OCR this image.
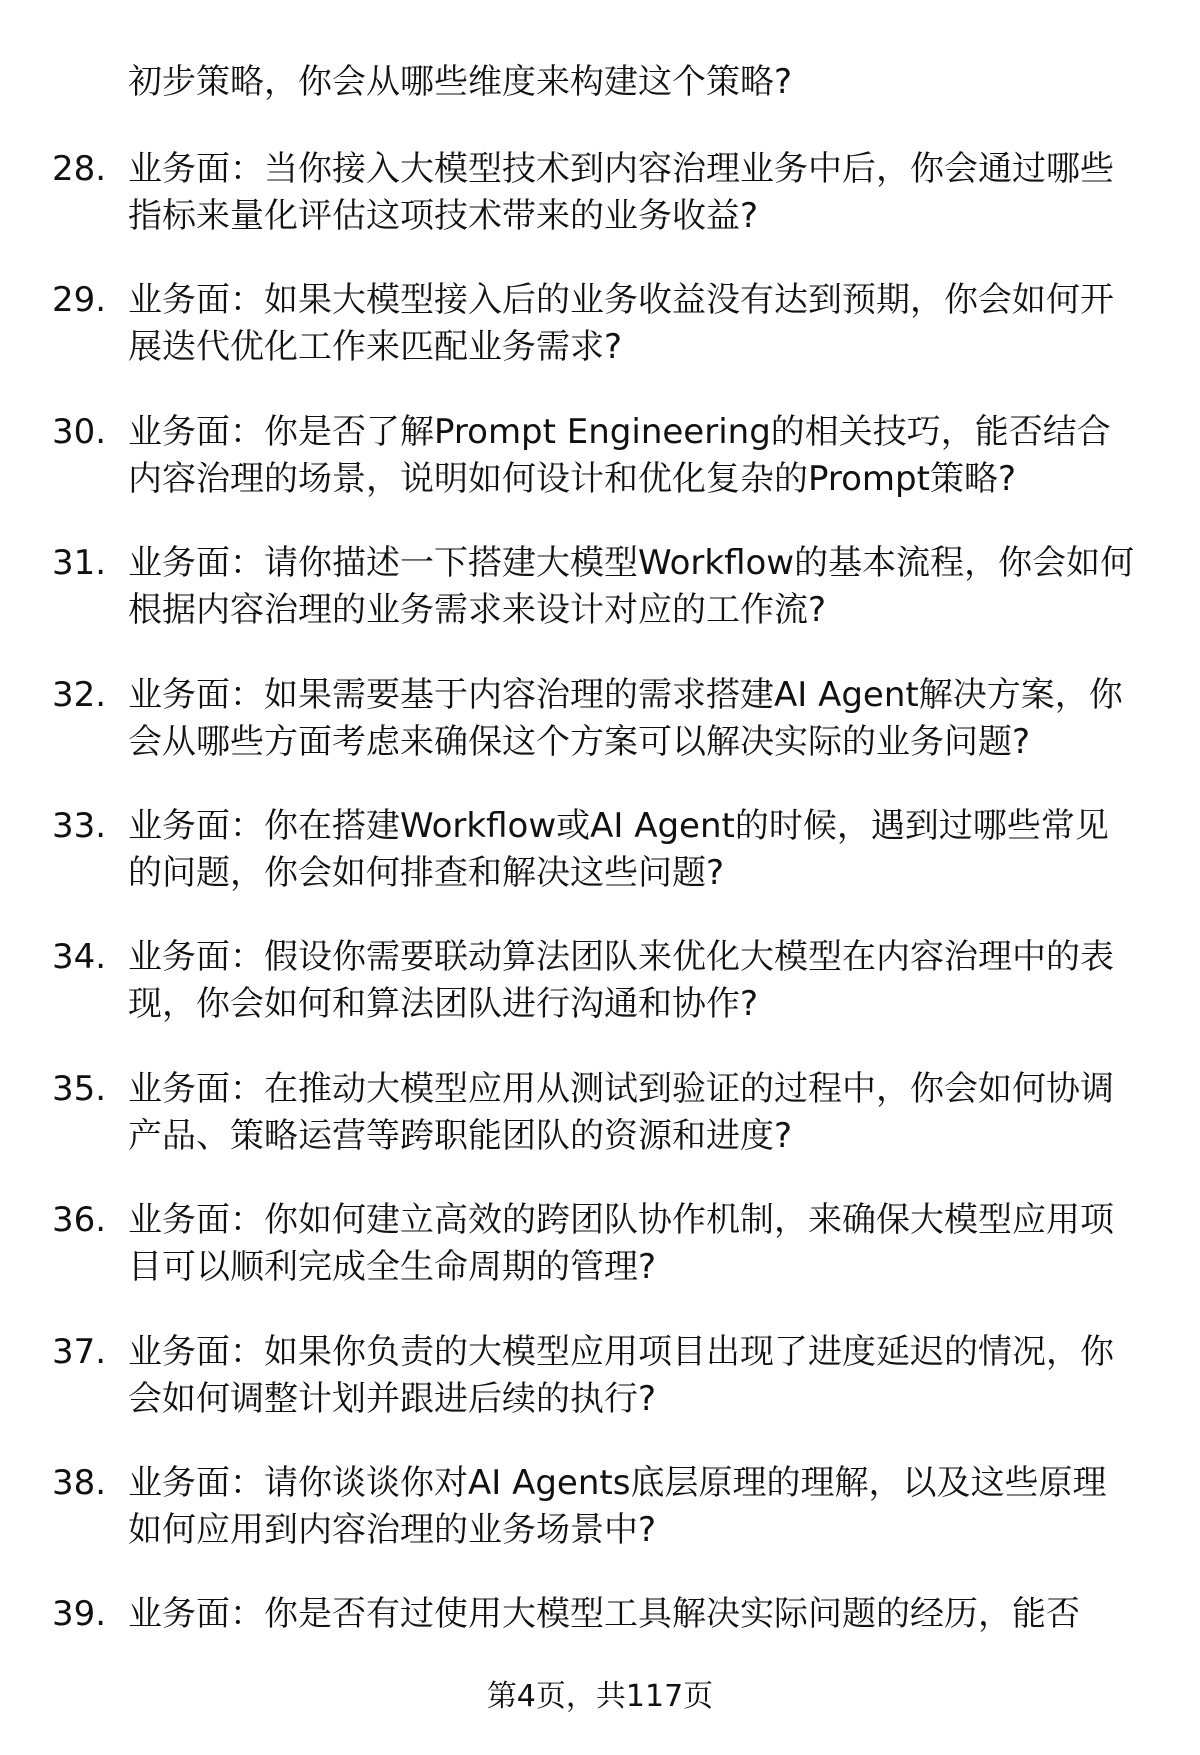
初步策略，你会从哪些维度来构建这个策略?
28. 业务面：当你接入大模型技术到内容治理业务中后，你会通过哪些指标来量化评估这项技术带来的业务收益?
29. 业务面：如果大模型接入后的业务收益没有达到预期，你会如何开展迭代优化工作来匹配业务需求?
30. 业务面：你是否了解Prompt Engineering的相关技巧，能否结合内容治理的场景，说明如何设计和优化复杂的Prompt策略?
31. 业务面：请你描述一下搭建大模型Workflow的基本流程，你会如何根据内容治理的业务需求来设计对应的工作流?
32. 业务面：如果需要基于内容治理的需求搭建AI Agent解决方案，你会从哪些方面考虑来确保这个方案可以解决实际的业务问题?
33. 业务面：你在搭建Workflow或AI Agent的时候，遇到过哪些常见的问题，你会如何排查和解决这些问题?
34. 业务面：假设你需要联动算法团队来优化大模型在内容治理中的表现，你会如何和算法团队进行沟通和协作?
35. 业务面：在推动大模型应用从测试到验证的过程中，你会如何协调产品、策略运营等跨职能团队的资源和进度?
36. 业务面：你如何建立高效的跨团队协作机制，来确保大模型应用项目可以顺利完成全生命周期的管理?
37. 业务面：如果你负责的大模型应用项目出现了进度延迟的情况，你会如何调整计划并跟进后续的执行?
38. 业务面：请你谈谈你对AI Agents底层原理的理解，以及这些原理如何应用到内容治理的业务场景中?
39. 业务面：你是否有过使用大模型工具解决实际问题的经历，能否
第4页，共117页
